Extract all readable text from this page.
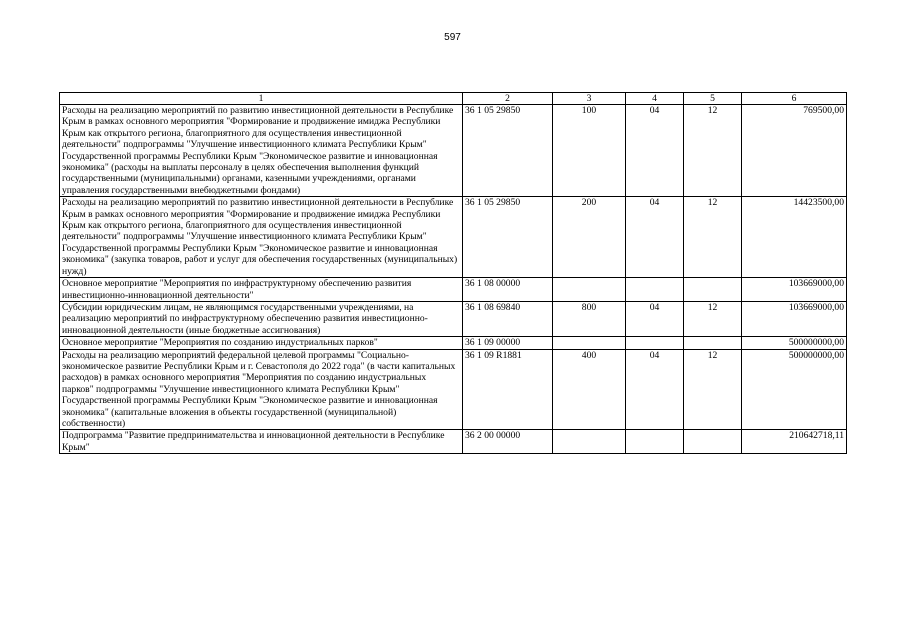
597
1	2	3	4	5	6
Расходы на реализацию мероприятий по развитию инвестиционной деятельности в Республике Крым в рамках основного мероприятия "Формирование и продвижение имиджа Республики Крым как открытого региона, благоприятного для осуществления инвестиционной деятельности" подпрограммы "Улучшение инвестиционного климата Республики Крым" Государственной программы Республики Крым "Экономическое развитие и инновационная экономика" (расходы на выплаты персоналу в целях обеспечения выполнения функций государственными (муниципальными) органами, казенными учреждениями, органами управления государственными внебюджетными фондами)	36 1 05 29850	100	04	12	769500,00
Расходы на реализацию мероприятий по развитию инвестиционной деятельности в Республике Крым в рамках основного мероприятия "Формирование и продвижение имиджа Республики Крым как открытого региона, благоприятного для осуществления инвестиционной деятельности" подпрограммы "Улучшение инвестиционного климата Республики Крым" Государственной программы Республики Крым "Экономическое развитие и инновационная экономика" (закупка товаров, работ и услуг для обеспечения государственных (муниципальных) нужд)	36 1 05 29850	200	04	12	14423500,00
Основное мероприятие "Мероприятия по инфраструктурному обеспечению развития инвестиционно-инновационной деятельности"	36 1 08 00000				103669000,00
Субсидии юридическим лицам, не являющимся государственными учреждениями, на реализацию мероприятий по инфраструктурному обеспечению развития инвестиционно-инновационной деятельности (иные бюджетные ассигнования)	36 1 08 69840	800	04	12	103669000,00
Основное мероприятие "Мероприятия по созданию индустриальных парков"	36 1 09 00000				500000000,00
Расходы на реализацию мероприятий федеральной целевой программы "Социально-экономическое развитие Республики Крым и г. Севастополя до 2022 года" (в части капитальных расходов) в рамках основного мероприятия "Мероприятия по созданию индустриальных парков" подпрограммы "Улучшение инвестиционного климата Республики Крым" Государственной программы Республики Крым "Экономическое развитие и инновационная экономика" (капитальные вложения в объекты государственной (муниципальной) собственности)	36 1 09 R1881	400	04	12	500000000,00
Подпрограмма "Развитие предпринимательства и инновационной деятельности в Республике Крым"	36 2 00 00000				210642718,11
